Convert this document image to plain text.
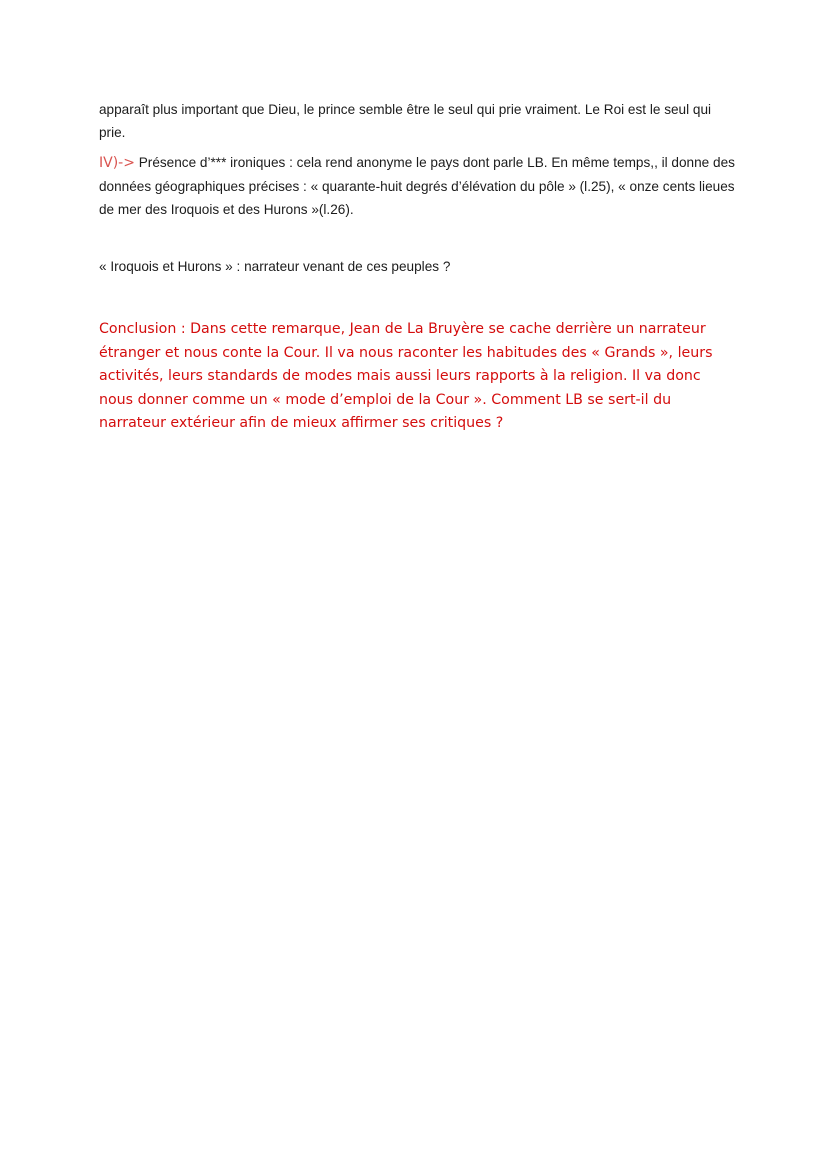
apparaît plus important que Dieu, le prince semble être le seul qui prie vraiment. Le Roi est le seul qui prie.

IV)-> Présence d’*** ironiques : cela rend anonyme le pays dont parle LB. En même temps,, il donne des données géographiques précises : « quarante-huit degrés d’élévation du pôle » (l.25), « onze cents lieues de mer des Iroquois et des Hurons »(l.26).

« Iroquois et Hurons » : narrateur venant de ces peuples ?

Conclusion : Dans cette remarque, Jean de La Bruyère se cache derrière un narrateur étranger et nous conte la Cour. Il va nous raconter les habitudes des « Grands », leurs activités, leurs standards de modes mais aussi leurs rapports à la religion. Il va donc nous donner comme un « mode d’emploi de la Cour ». Comment LB se sert-il du narrateur extérieur afin de mieux affirmer ses critiques ?
